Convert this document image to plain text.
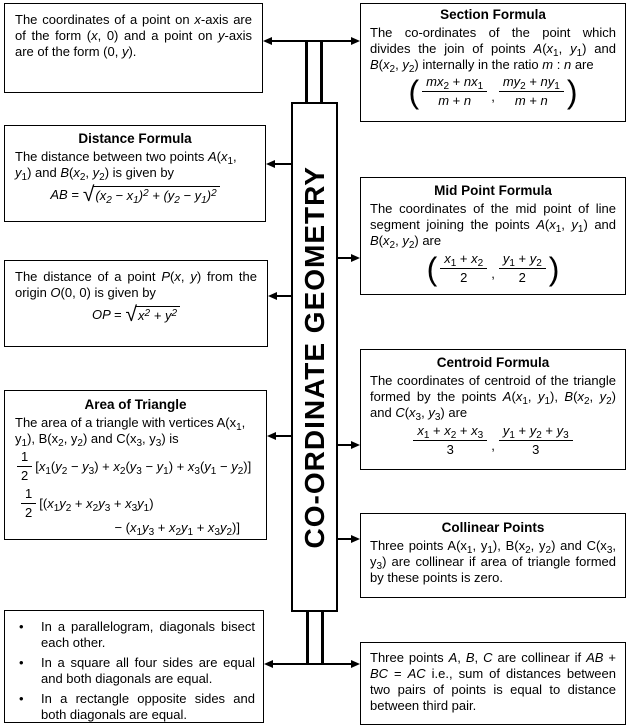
CO-ORDINATE GEOMETRY
The coordinates of a point on x-axis are of the form (x, 0) and a point on y-axis are of the form (0, y).
Distance Formula
The distance between two points $A(x_1$, $y_1$) and $B(x_2$, $y_2$) is given by
AB = √ $(x_2 - x_1)^2 + (y_2 - y_1)^2$
The distance of a point P(x, y) from the origin O(0, 0) is given by
OP = √ $x^2 + y^2$
Area of Triangle
The area of a triangle with vertices $A(x_1$, $y_1$), $B(x_2$, $y_2$) and $C(x_3$, $y_3$) is
$\frac{1}{2} [x_1(y_2 - y_3) + x_2(y_3 - y_1) + x_3(y_1 - y_2)]$
$\frac{1}{2} [(x_1y_2 + x_2y_3 + x_3y_1)$
− $(x_1y_3 + x_2y_1 + x_3y_2)$]
•	In a parallelogram, diagonals bisect each other.
•	In a square all four sides are equal and both diagonals are equal.
•	In a rectangle opposite sides and both diagonals are equal.
Section Formula
The co-ordinates of the point which divides the join of points $A(x_1$, $y_1$) and $B(x_2$, $y_2$) internally in the ratio m : n are
( $\frac{mx_2 + nx_1}{m + n}$ , $\frac{my_2 + ny_1}{m + n}$ )
Mid Point Formula
The coordinates of the mid point of line segment joining the points $A(x_1$, $y_1$) and $B(x_2$, $y_2$) are
( $\frac{x_1 + x_2}{2}$ , $\frac{y_1 + y_2}{2}$ )
Centroid Formula
The coordinates of centroid of the triangle formed by the points $A(x_1$, $y_1$), $B(x_2$, $y_2$) and $C(x_3$, $y_3$) are
$\frac{x_1 + x_2 + x_3}{3}$ , $\frac{y_1 + y_2 + y_3}{3}$
Collinear Points
Three points $A(x_1$, $y_1$), $B(x_2$, $y_2$) and $C(x_3$, $y_3$) are collinear if area of triangle formed by these points is zero.
Three points A, B, C are collinear if AB + BC = AC i.e., sum of distances between two pairs of points is equal to distance between third pair.
